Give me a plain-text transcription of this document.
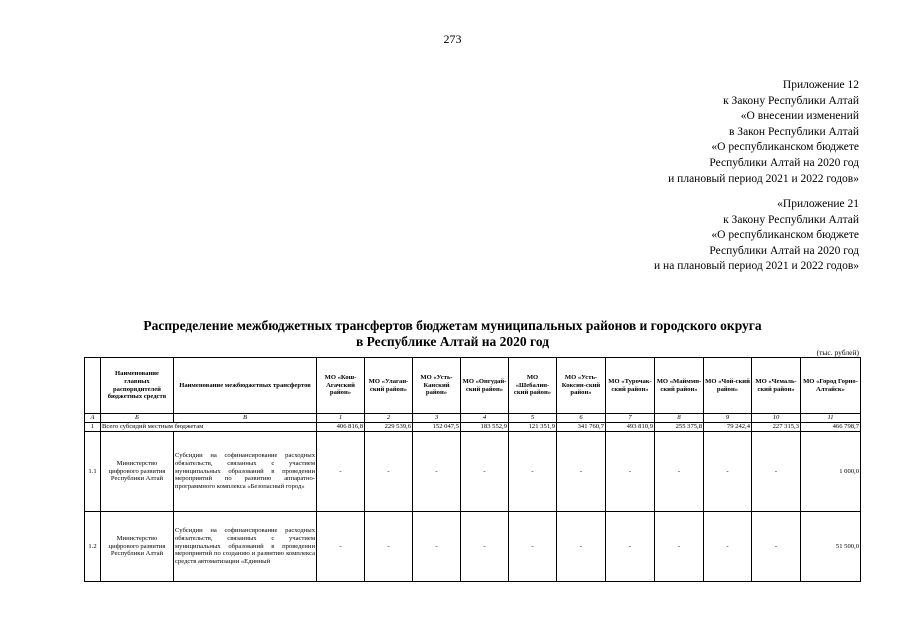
273
Приложение 12
к Закону Республики Алтай
«О внесении изменений
в Закон Республики Алтай
«О республиканском бюджете
Республики Алтай на 2020 год
и плановый период 2021 и 2022 годов»
«Приложение 21
к Закону Республики Алтай
«О республиканском бюджете
Республики Алтай на 2020 год
и на плановый период 2021 и 2022 годов»
Распределение межбюджетных трансфертов бюджетам муниципальных районов и городского округа
в Республике Алтай на 2020 год
(тыс. рублей)
	Наименование главных распорядителей бюджетных средств	Наименование межбюджетных трансфертов	МО «Кош-Агачский район»	МО «Улаган-ский район»	МО «Усть-Канский район»	МО «Онгудай-ский район»	МО «Шебалин-ский район»	МО «Усть-Коксин-ский район»	МО «Турочак-ский район»	МО «Майммн-ский район»	МО «Чой-ский район»	МО «Чемаль-ский район»	МО «Город Горно-Алтайск»
А	Б	В	1	2	3	4	5	6	7	8	9	10	11
1	Всего субсидий местным бюджетам		406 816,8	229 539,6	152 047,5	183 552,9	121 351,9	341 760,7	493 810,9	255 375,8	79 242,4	227 315,3	466 798,7
1.1	Министерство цифрового развития Республики Алтай	Субсидии на софинансирование расходных обязательств, связанных с участием муниципальных образований в проведении мероприятий по развитию аппаратно-программного комплекса «Безопасный город»	-	-	-	-	-	-	-	-	-	-	1 000,0
1.2	Министерство цифрового развития Республики Алтай	Субсидии на софинансирование расходных обязательств, связанных с участием муниципальных образований в проведении мероприятий по созданию и развитию комплекса средств автоматизации «Единный	-	-	-	-	-	-	-	-	-	-	51 500,0
